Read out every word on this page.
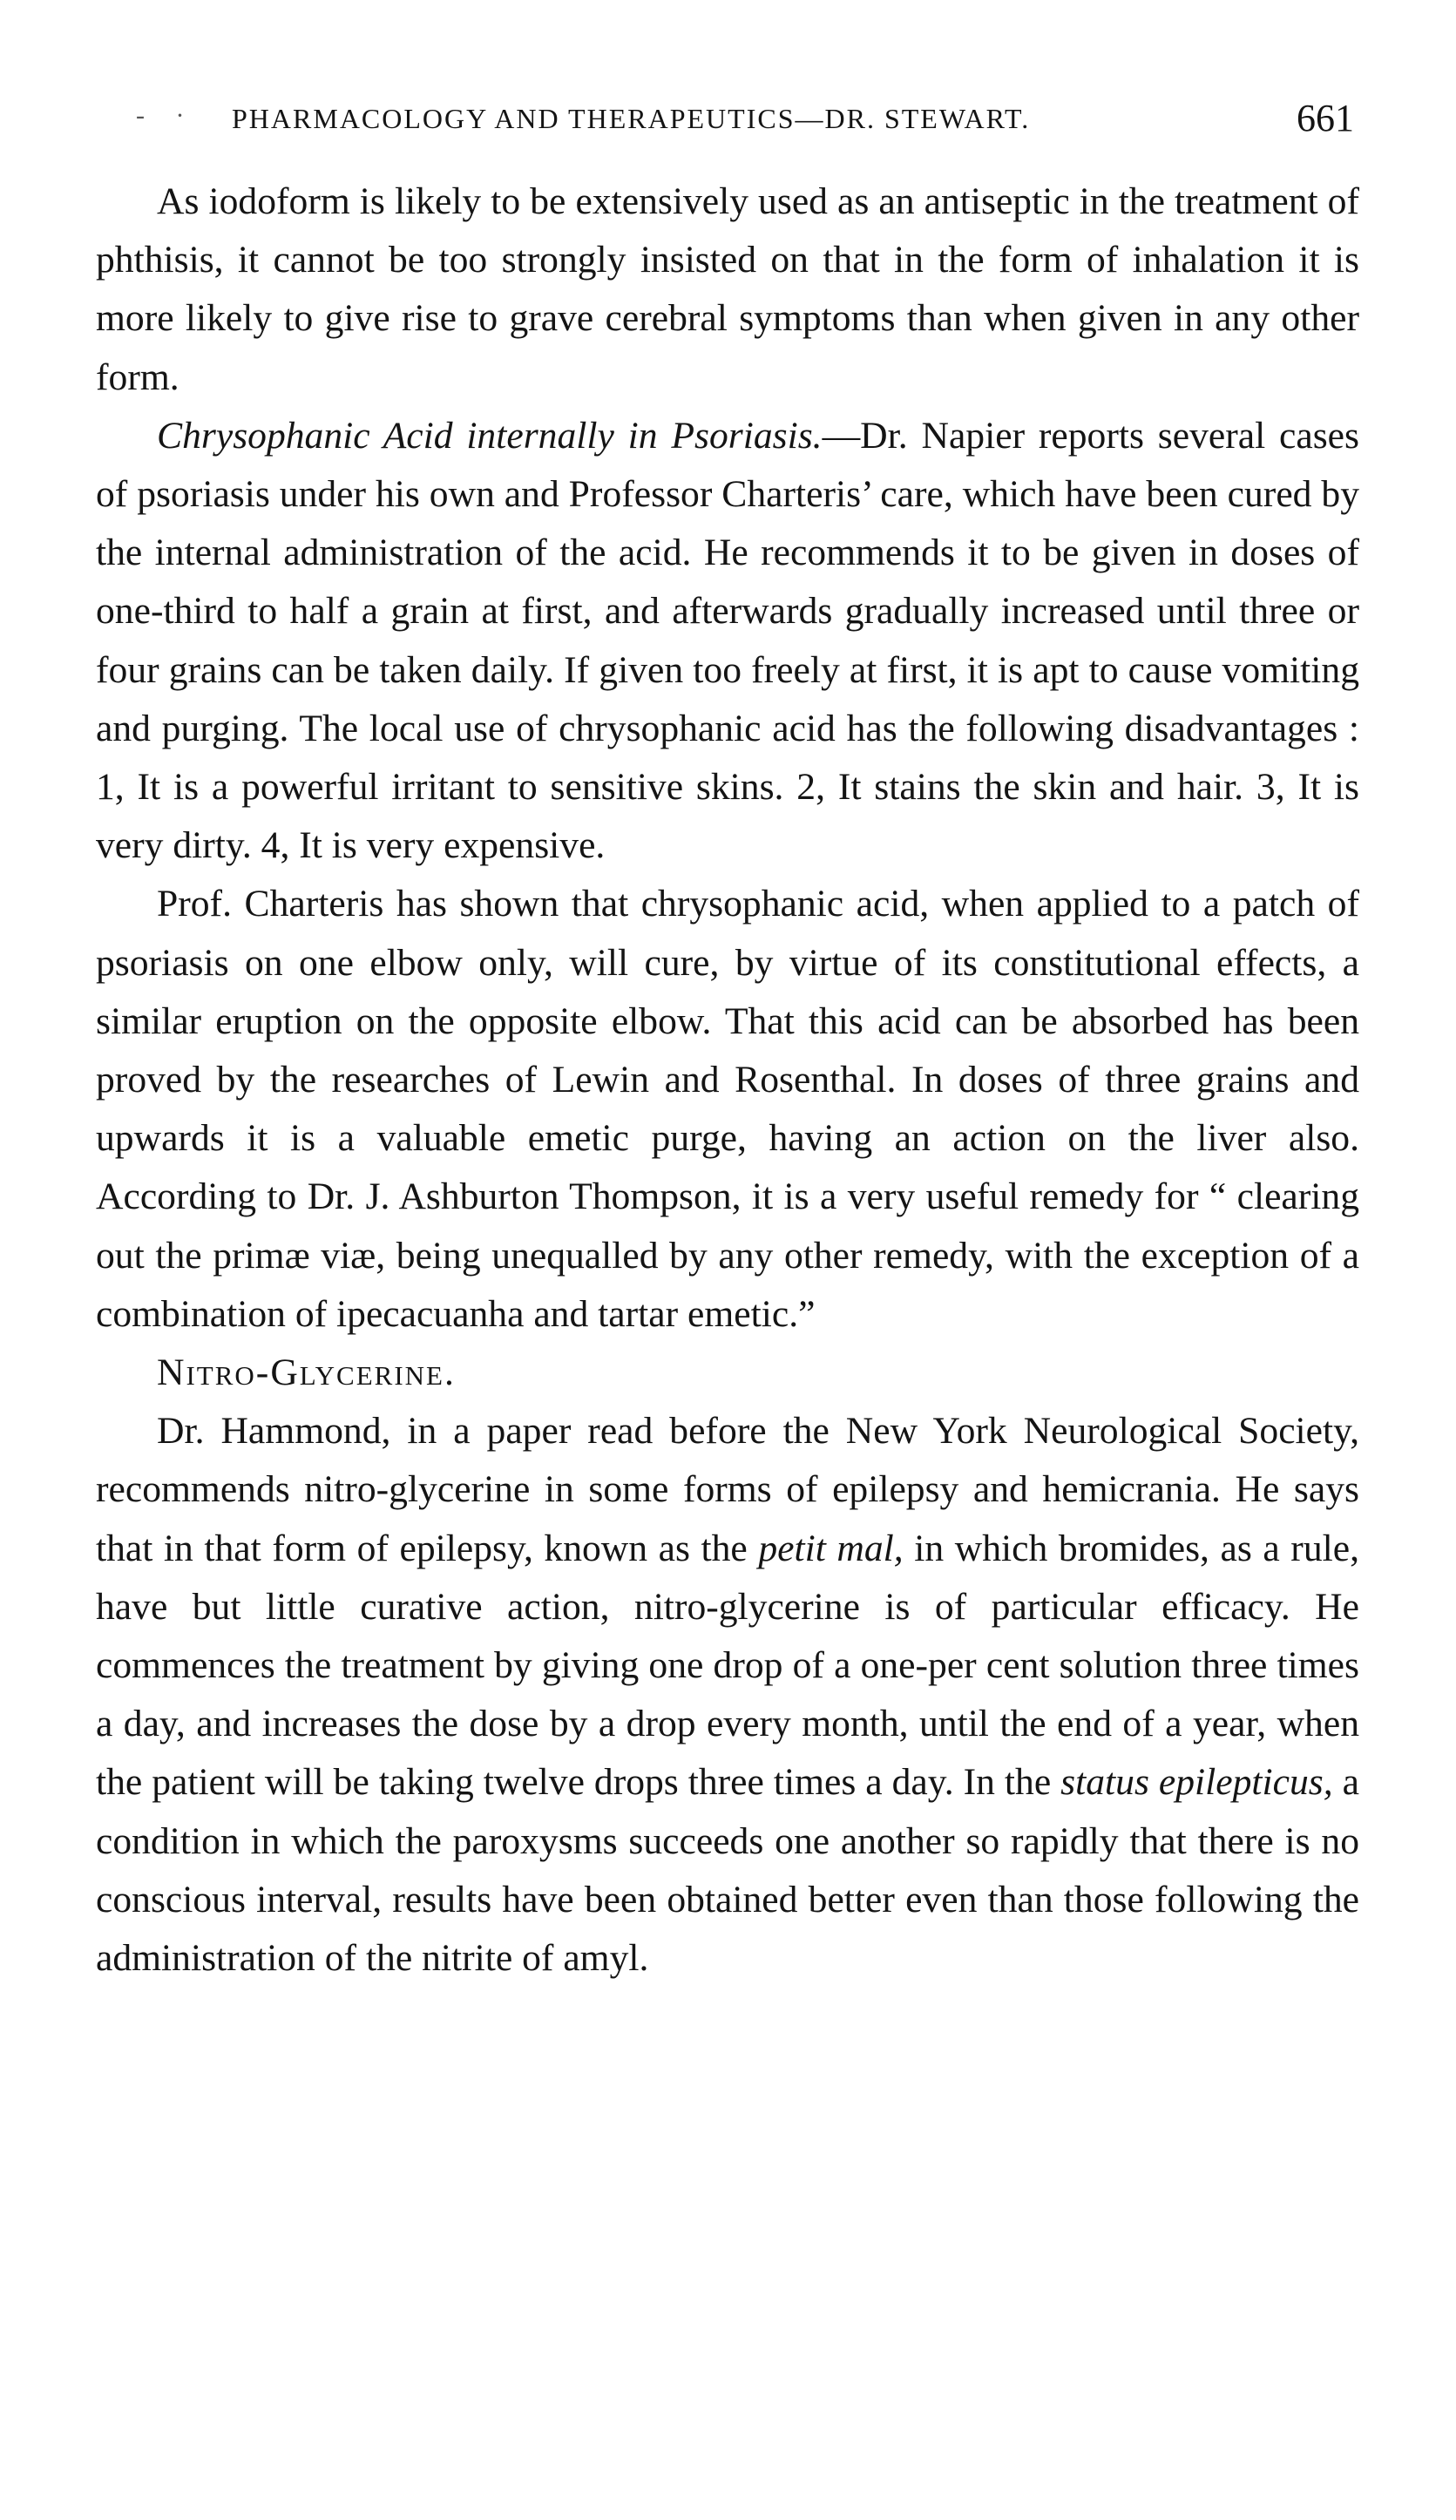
- · PHARMACOLOGY AND THERAPEUTICS—DR. STEWART.	661

As iodoform is likely to be extensively used as an antiseptic in the treatment of phthisis, it cannot be too strongly insisted on that in the form of inhalation it is more likely to give rise to grave cerebral symptoms than when given in any other form.

Chrysophanic Acid internally in Psoriasis.—Dr. Napier reports several cases of psoriasis under his own and Professor Charteris’ care, which have been cured by the internal administration of the acid. He recommends it to be given in doses of one-third to half a grain at first, and afterwards gradually increased until three or four grains can be taken daily. If given too freely at first, it is apt to cause vomiting and purging. The local use of chrysophanic acid has the following disadvantages : 1, It is a powerful irritant to sensitive skins. 2, It stains the skin and hair. 3, It is very dirty. 4, It is very expensive.

Prof. Charteris has shown that chrysophanic acid, when applied to a patch of psoriasis on one elbow only, will cure, by virtue of its constitutional effects, a similar eruption on the opposite elbow. That this acid can be absorbed has been proved by the researches of Lewin and Rosenthal. In doses of three grains and upwards it is a valuable emetic purge, having an action on the liver also. According to Dr. J. Ashburton Thompson, it is a very useful remedy for “ clearing out the primæ viæ, being unequalled by any other remedy, with the exception of a combination of ipecacuanha and tartar emetic.”

Nitro-Glycerine.

Dr. Hammond, in a paper read before the New York Neurological Society, recommends nitro-glycerine in some forms of epilepsy and hemicrania. He says that in that form of epilepsy, known as the petit mal, in which bromides, as a rule, have but little curative action, nitro-glycerine is of particular efficacy. He commences the treatment by giving one drop of a one-per cent solution three times a day, and increases the dose by a drop every month, until the end of a year, when the patient will be taking twelve drops three times a day. In the status epilepticus, a condition in which the paroxysms succeeds one another so rapidly that there is no conscious interval, results have been obtained better even than those following the administration of the nitrite of amyl.
